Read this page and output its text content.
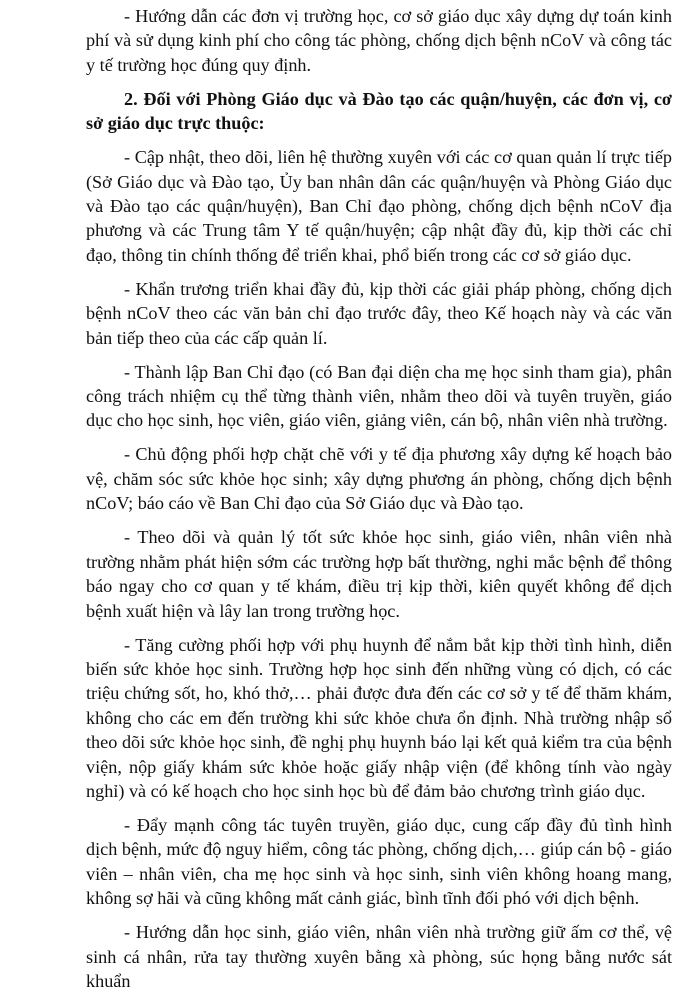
- Hướng dẫn các đơn vị trường học, cơ sở giáo dục xây dựng dự toán kinh phí và sử dụng kinh phí cho công tác phòng, chống dịch bệnh nCoV và công tác y tế trường học đúng quy định.

2. Đối với Phòng Giáo dục và Đào tạo các quận/huyện, các đơn vị, cơ sở giáo dục trực thuộc:

- Cập nhật, theo dõi, liên hệ thường xuyên với các cơ quan quản lí trực tiếp (Sở Giáo dục và Đào tạo, Ủy ban nhân dân các quận/huyện và Phòng Giáo dục và Đào tạo các quận/huyện), Ban Chỉ đạo phòng, chống dịch bệnh nCoV địa phương và các Trung tâm Y tế quận/huyện; cập nhật đầy đủ, kịp thời các chỉ đạo, thông tin chính thống để triển khai, phổ biến trong các cơ sở giáo dục.

- Khẩn trương triển khai đầy đủ, kịp thời các giải pháp phòng, chống dịch bệnh nCoV theo các văn bản chỉ đạo trước đây, theo Kế hoạch này và các văn bản tiếp theo của các cấp quản lí.

- Thành lập Ban Chỉ đạo (có Ban đại diện cha mẹ học sinh tham gia), phân công trách nhiệm cụ thể từng thành viên, nhằm theo dõi và tuyên truyền, giáo dục cho học sinh, học viên, giáo viên, giảng viên, cán bộ, nhân viên nhà trường.

- Chủ động phối hợp chặt chẽ với y tế địa phương xây dựng kế hoạch bảo vệ, chăm sóc sức khỏe học sinh; xây dựng phương án phòng, chống dịch bệnh nCoV; báo cáo về Ban Chỉ đạo của Sở Giáo dục và Đào tạo.

- Theo dõi và quản lý tốt sức khỏe học sinh, giáo viên, nhân viên nhà trường nhằm phát hiện sớm các trường hợp bất thường, nghi mắc bệnh để thông báo ngay cho cơ quan y tế khám, điều trị kịp thời, kiên quyết không để dịch bệnh xuất hiện và lây lan trong trường học.

- Tăng cường phối hợp với phụ huynh để nắm bắt kịp thời tình hình, diễn biến sức khỏe học sinh. Trường hợp học sinh đến những vùng có dịch, có các triệu chứng sốt, ho, khó thở,… phải được đưa đến các cơ sở y tế để thăm khám, không cho các em đến trường khi sức khỏe chưa ổn định. Nhà trường nhập sổ theo dõi sức khỏe học sinh, đề nghị phụ huynh báo lại kết quả kiểm tra của bệnh viện, nộp giấy khám sức khỏe hoặc giấy nhập viện (để không tính vào ngày nghỉ) và có kế hoạch cho học sinh học bù để đảm bảo chương trình giáo dục.

- Đẩy mạnh công tác tuyên truyền, giáo dục, cung cấp đầy đủ tình hình dịch bệnh, mức độ nguy hiểm, công tác phòng, chống dịch,… giúp cán bộ - giáo viên – nhân viên, cha mẹ học sinh và học sinh, sinh viên không hoang mang, không sợ hãi và cũng không mất cảnh giác, bình tĩnh đối phó với dịch bệnh.

- Hướng dẫn học sinh, giáo viên, nhân viên nhà trường giữ ấm cơ thể, vệ sinh cá nhân, rửa tay thường xuyên bằng xà phòng, súc họng bằng nước sát khuẩn
